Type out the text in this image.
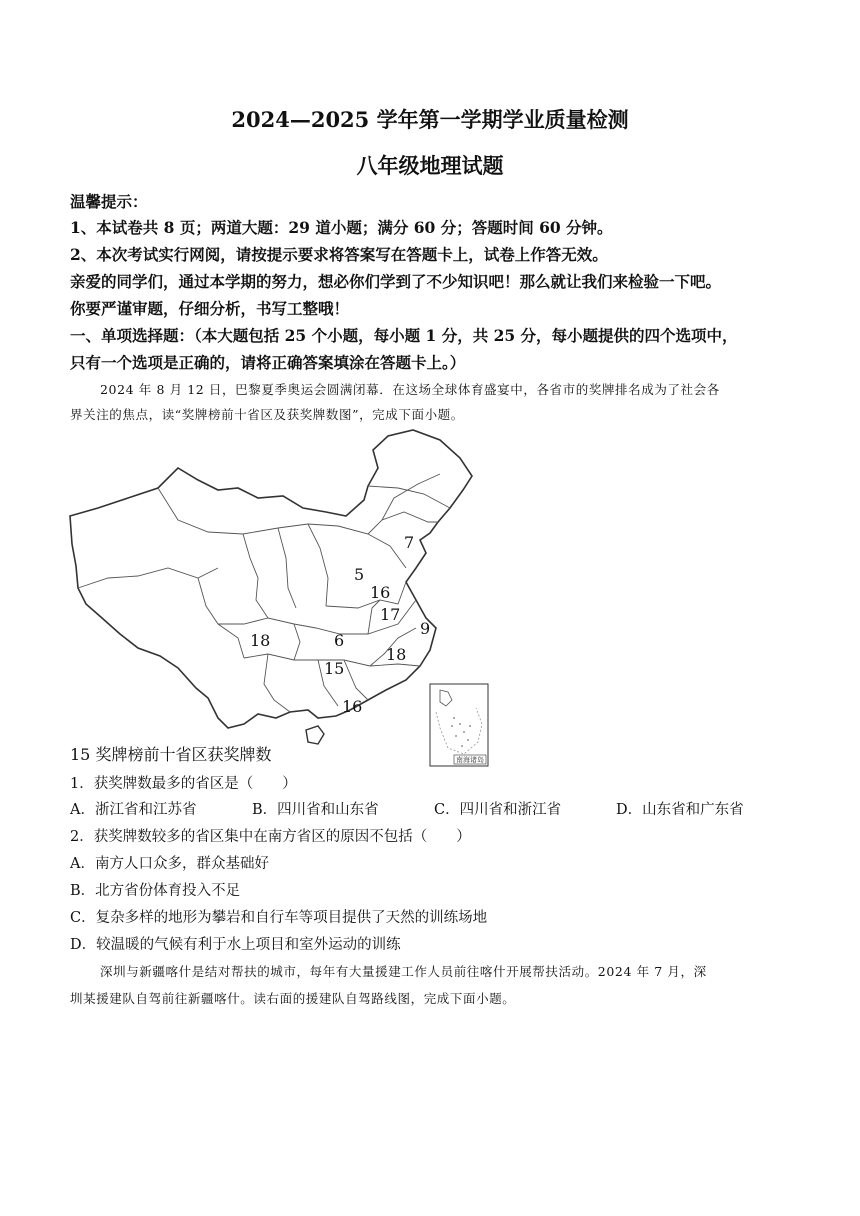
2024—2025 学年第一学期学业质量检测
八年级地理试题
温馨提示：
1、本试卷共 8 页；两道大题：29 道小题；满分 60 分；答题时间 60 分钟。
2、本次考试实行网阅，请按提示要求将答案写在答题卡上，试卷上作答无效。
亲爱的同学们，通过本学期的努力，想必你们学到了不少知识吧！那么就让我们来检验一下吧。
你要严谨审题，仔细分析，书写工整哦！
一、单项选择题：（本大题包括 25 个小题，每小题 1 分，共 25 分，每小题提供的四个选项中，
只有一个选项是正确的，请将正确答案填涂在答题卡上。）
2024 年 8 月 12 日，巴黎夏季奥运会圆满闭幕．在这场全球体育盛宴中，各省市的奖牌排名成为了社会各
界关注的焦点，读“奖牌榜前十省区及获奖牌数图”，完成下面小题。
7
5
16
17
9
18
6
18
15
16
南海诸岛
15 奖牌榜前十省区获奖牌数
1．获奖牌数最多的省区是（　　）
A．浙江省和江苏省	B．四川省和山东省	C．四川省和浙江省	D．山东省和广东省
2．获奖牌数较多的省区集中在南方省区的原因不包括（　　）
A．南方人口众多，群众基础好
B．北方省份体育投入不足
C．复杂多样的地形为攀岩和自行车等项目提供了天然的训练场地
D．较温暖的气候有利于水上项目和室外运动的训练
深圳与新疆喀什是结对帮扶的城市，每年有大量援建工作人员前往喀什开展帮扶活动。2024 年 7 月，深
圳某援建队自驾前往新疆喀什。读右面的援建队自驾路线图，完成下面小题。
